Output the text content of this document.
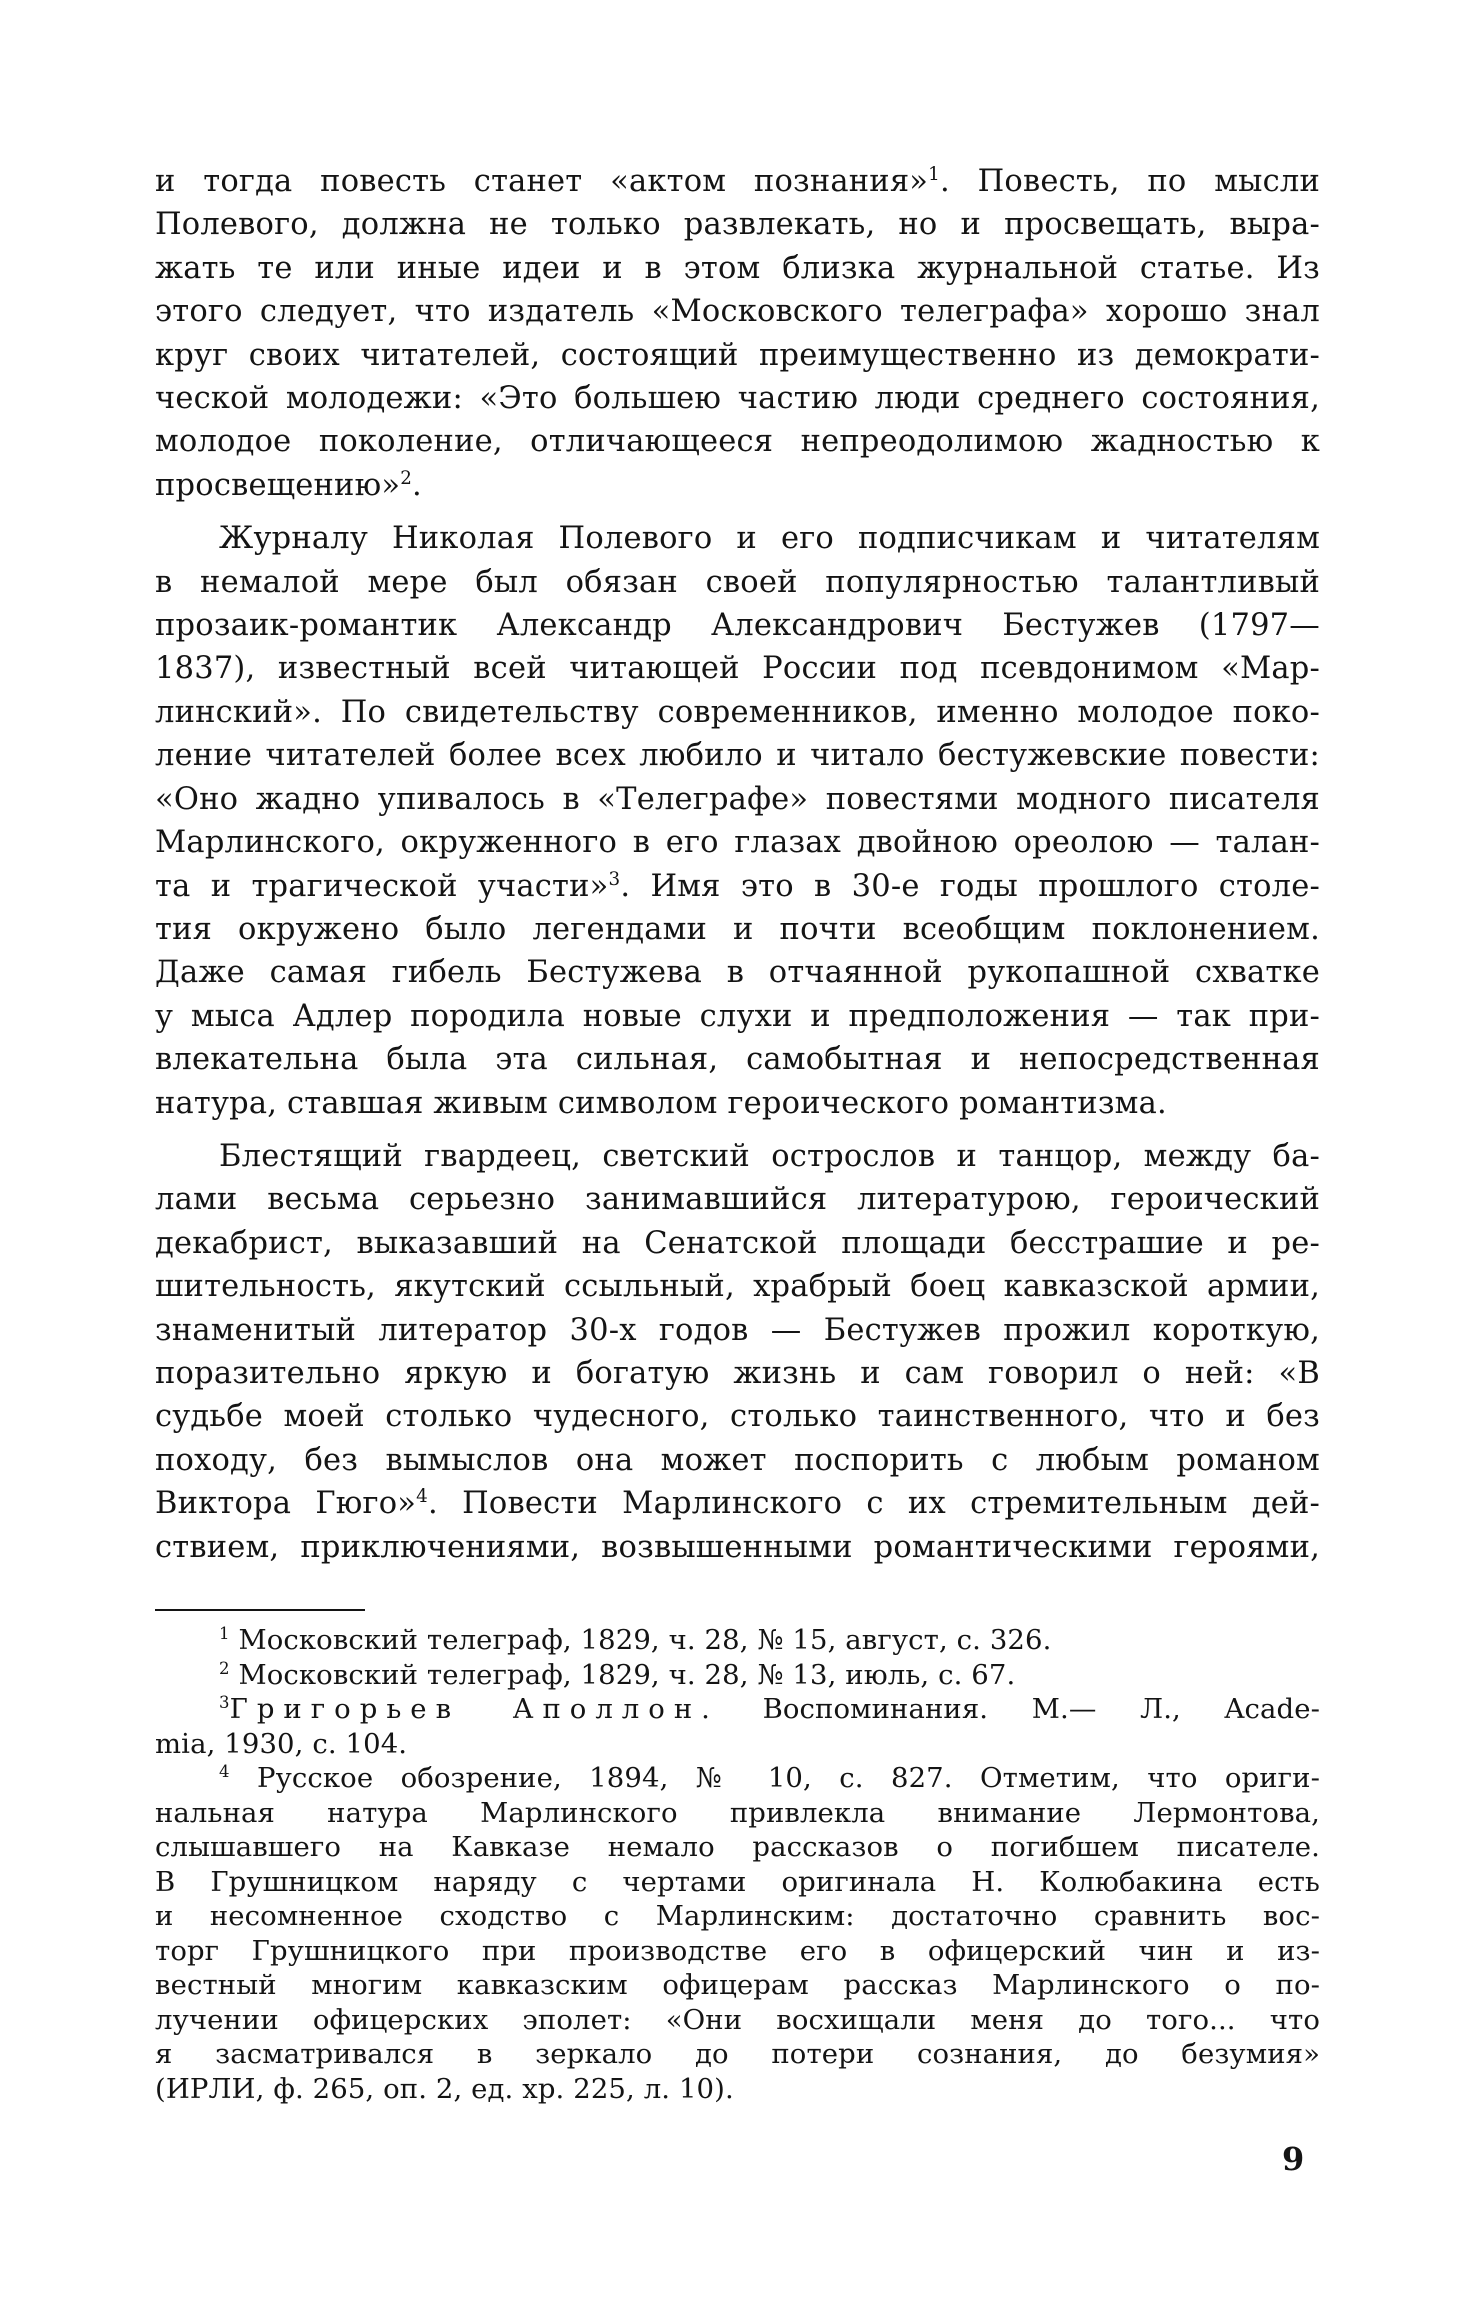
и тогда повесть станет «актом познания»$^1$. Повесть, по мысли

Полевого, должна не только развлекать, но и просвещать, выра-

жать те или иные идеи и в этом близка журнальной статье. Из

этого следует, что издатель «Московского телеграфа» хорошо знал

круг своих читателей, состоящий преимущественно из демократи-

ческой молодежи: «Это большею частию люди среднего состояния,

молодое поколение, отличающееся непреодолимою жадностью к

просвещению»$^2$.

Журналу Николая Полевого и его подписчикам и читателям

в немалой мере был обязан своей популярностью талантливый

прозаик-романтик Александр Александрович Бестужев (1797—

1837), известный всей читающей России под псевдонимом «Мар-

линский». По свидетельству современников, именно молодое поко-

ление читателей более всех любило и читало бестужевские повести:

«Оно жадно упивалось в «Телеграфе» повестями модного писателя

Марлинского, окруженного в его глазах двойною ореолою — талан-

та и трагической участи»$^3$. Имя это в 30-е годы прошлого столе-

тия окружено было легендами и почти всеобщим поклонением.

Даже самая гибель Бестужева в отчаянной рукопашной схватке

у мыса Адлер породила новые слухи и предположения — так при-

влекательна была эта сильная, самобытная и непосредственная

натура, ставшая живым символом героического романтизма.

Блестящий гвардеец, светский острослов и танцор, между ба-

лами весьма серьезно занимавшийся литературою, героический

декабрист, выказавший на Сенатской площади бесстрашие и ре-

шительность, якутский ссыльный, храбрый боец кавказской армии,

знаменитый литератор 30-х годов — Бестужев прожил короткую,

поразительно яркую и богатую жизнь и сам говорил о ней: «В

судьбе моей столько чудесного, столько таинственного, что и без

походу, без вымыслов она может поспорить с любым романом

Виктора Гюго»$^4$. Повести Марлинского с их стремительным дей-

ствием, приключениями, возвышенными романтическими героями,

$^1$ Московский телеграф, 1829, ч. 28, № 15, август, с. 326.

$^2$ Московский телеграф, 1829, ч. 28, № 13, июль, с. 67.

$^3$Григорьев Аполлон. Воспоминания. М.— Л., Acade-

mia, 1930, с. 104.

$^4$ Русское обозрение, 1894, № 10, с. 827. Отметим, что ориги-

нальная натура Марлинского привлекла внимание Лермонтова,

слышавшего на Кавказе немало рассказов о погибшем писателе.

В Грушницком наряду с чертами оригинала Н. Колюбакина есть

и несомненное сходство с Марлинским: достаточно сравнить вос-

торг Грушницкого при производстве его в офицерский чин и из-

вестный многим кавказским офицерам рассказ Марлинского о по-

лучении офицерских эполет: «Они восхищали меня до того... что

я засматривался в зеркало до потери сознания, до безумия»

(ИРЛИ, ф. 265, оп. 2, ед. хр. 225, л. 10).

9
